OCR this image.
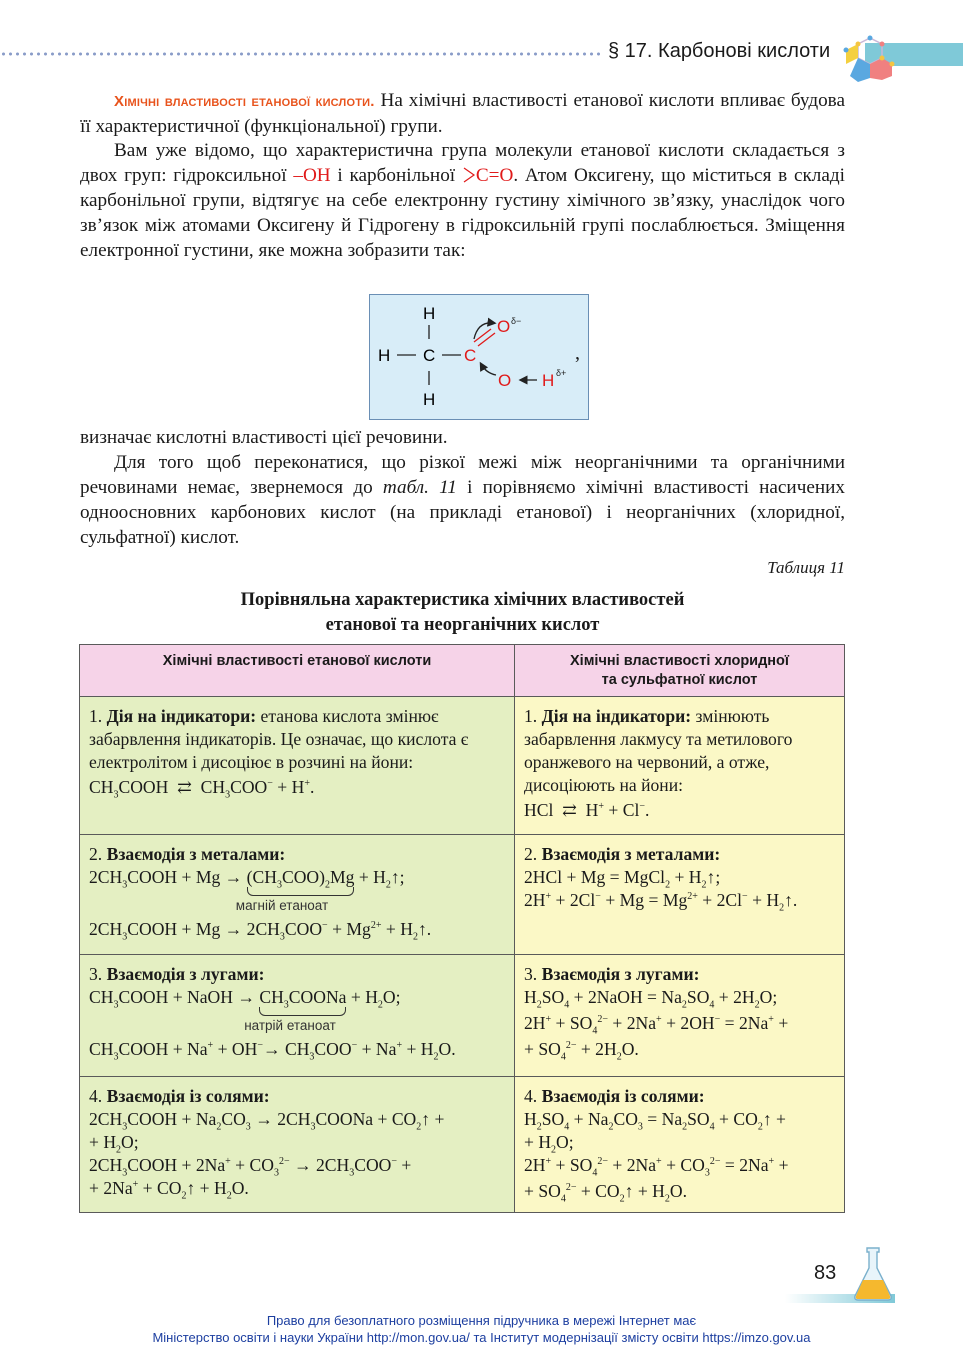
§ 17. Карбонові кислоти

Хімічні властивості етанової кислоти. На хімічні властивості етанової кислоти впливає будова її характеристичної (функціональної) групи.

Вам уже відомо, що характеристична група молекули етанової кислоти складається з двох груп: гідроксильної –OH і карбонільної C=O. Атом Оксигену, що міститься в складі карбонільної групи, відтягує на себе електронну густину хімічного зв’язку, унаслідок чого зв’язок між атомами Оксигену й Гідрогену в гідроксильній групі послаблюється. Зміщення електронної густини, яке можна зобразити так:

H
H C C
H
O δ−
O H δ+
,

визначає кислотні властивості цієї речовини.

Для того щоб переконатися, що різкої межі між неорганічними та органічними речовинами немає, звернемося до табл. 11 і порівняємо хімічні властивості насичених одноосновних карбонових кислот (на прикладі етанової) і неорганічних (хлоридної, сульфатної) кислот.

Таблиця 11
Порівняльна характеристика хімічних властивостей
етанової та неорганічних кислот
Хімічні властивості етанової кислоти	Хімічні властивості хлоридної
та сульфатної кислот

1. Дія на індикатори: етанова кислота змінює забарвлення індикаторів. Це означає, що кислота є електролітом і дисоціює в розчині на йони:
$CH_3COOH$  ⇄  $CH_3COO^- + H^+$.	1. Дія на індикатори: змінюють забарвлення лакмусу та метилового оранжевого на червоний, а отже, дисоціюють на йони:
HCl  ⇄  H+ + Cl−.

2. Взаємодія з металами:
$2CH_3COOH + Mg \to (CH_3COO)_2Mg$
+ $H_2↑$;
магній етаноат
$2CH_3COOH + Mg \to 2CH_3COO^- + Mg^{2+}$ + $H_2↑$.	2. Взаємодія з металами:
2HCl + Mg = MgCl$_2$ + $H_2↑$;
$2H^+ + 2Cl^- + Mg = Mg^{2+} + 2Cl^-$ + $H_2↑$.

3. Взаємодія з лугами:
$CH_3COOH$ + NaOH → $CH_3COONa$
+ $H_2O$;
натрій етаноат
$CH_3COOH + Na^+ + OH^-\to CH_3COO^- + Na^+ + H_2O$.	3. Взаємодія з лугами:
$H_2SO_4$ + 2NaOH = $Na_2SO_4 + 2H_2O$;
$2H^+ + SO_4^{2-} + 2Na^+ + 2OH^- = 2Na^+$ +
+ $SO_4^{2-} + 2H_2O$.

4. Взаємодія із солями:
$2CH_3COOH + Na_2CO_3$ → $2CH_3COONa$ + $CO_2↑$ +
+ $H_2O$;
$2CH_3COOH + 2Na^+ + CO_3^{2-} \to 2CH_3COO^-$ +
+ $2Na^+ + CO_2↑ + H_2O$.	4. Взаємодія із солями:
$H_2SO_4 + Na_2CO_3 = Na_2SO_4$ + $CO_2↑$ +
+ $H_2O$;
$2H^+ + SO_4^{2-} + 2Na^+ + CO_3^{2-} = 2Na^+$ +
+ $SO_4^{2-}$ + $CO_2↑ + H_2O$.
83
Право для безоплатного розміщення підручника в мережі Інтернет має
Міністерство освіти і науки України http://mon.gov.ua/ та Інститут модернізації змісту освіти https://imzo.gov.ua
